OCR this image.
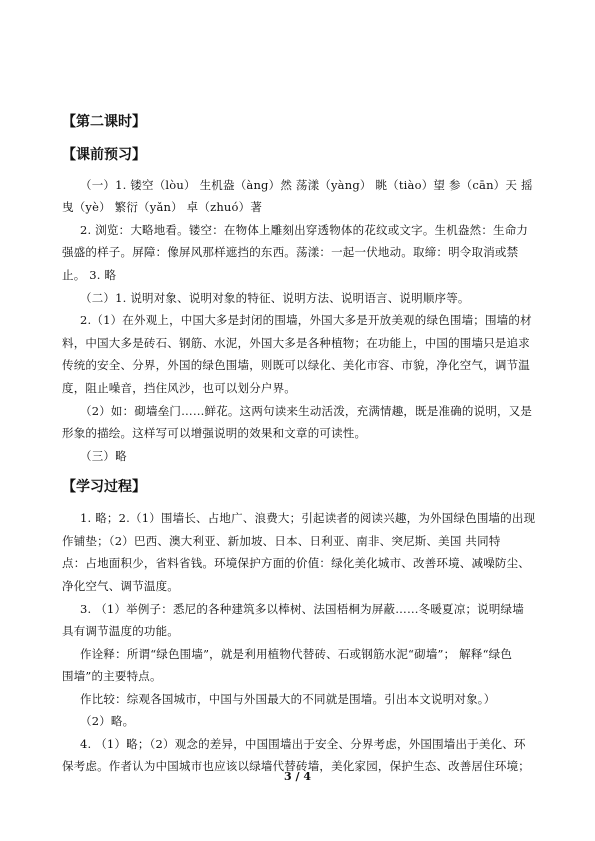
【第二课时】
【课前预习】
（一）1. 镂空（lòu） 生机盎（àng）然 荡漾（yàng） 眺（tiào）望 参（cān）天 摇
曳（yè） 繁衍（yǎn） 卓（zhuó）著
2. 浏览：大略地看。镂空：在物体上雕刻出穿透物体的花纹或文字。生机盎然：生命力
强盛的样子。屏障：像屏风那样遮挡的东西。荡漾：一起一伏地动。取缔：明令取消或禁
止。 3. 略
（二）1. 说明对象、说明对象的特征、说明方法、说明语言、说明顺序等。
2.（1）在外观上，中国大多是封闭的围墙，外国大多是开放美观的绿色围墙；围墙的材
料，中国大多是砖石、钢筋、水泥，外国大多是各种植物；在功能上，中国的围墙只是追求
传统的安全、分界，外国的绿色围墙，则既可以绿化、美化市容、市貌，净化空气，调节温
度，阻止噪音，挡住风沙，也可以划分户界。
（2）如：砌墙垒门……鲜花。这两句读来生动活泼，充满情趣，既是准确的说明，又是
形象的描绘。这样写可以增强说明的效果和文章的可读性。
（三）略
【学习过程】
1. 略；2.（1）围墙长、占地广、浪费大；引起读者的阅读兴趣，为外国绿色围墙的出现
作铺垫；（2）巴西、澳大利亚、新加坡、日本、日利亚、南非、突尼斯、美国 共同特
点：占地面积少，省料省钱。环境保护方面的价值：绿化美化城市、改善环境、减噪防尘、
净化空气、调节温度。
3. （1）举例子：悉尼的各种建筑多以棒树、法国梧桐为屏蔽……冬暖夏凉；说明绿墙
具有调节温度的功能。
作诠释：所谓“绿色围墙”，就是利用植物代替砖、石或钢筋水泥“砌墙”； 解释“绿色
围墙”的主要特点。
作比较：综观各国城市，中国与外国最大的不同就是围墙。引出本文说明对象。）
（2）略。
4. （1）略；（2）观念的差异，中国围墙出于安全、分界考虑，外国围墙出于美化、环
保考虑。作者认为中国城市也应该以绿墙代替砖墙，美化家园，保护生态、改善居住环境；
3 / 4
